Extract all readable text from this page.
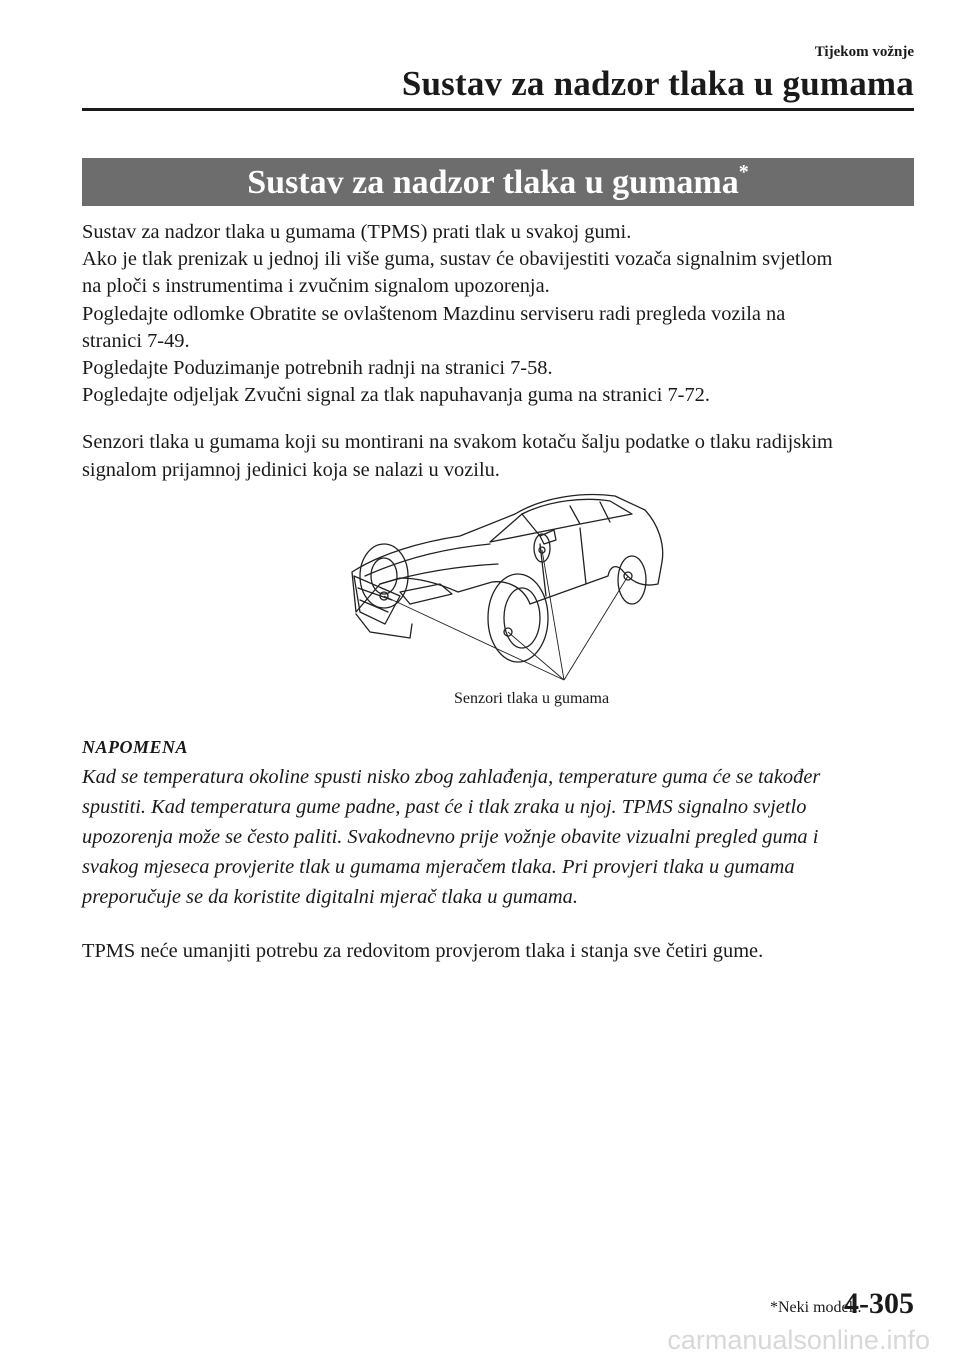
Tijekom vožnje
Sustav za nadzor tlaka u gumama
Sustav za nadzor tlaka u gumama*

Sustav za nadzor tlaka u gumama (TPMS) prati tlak u svakoj gumi.

Ako je tlak prenizak u jednoj ili više guma, sustav će obavijestiti vozača signalnim svjetlom

na ploči s instrumentima i zvučnim signalom upozorenja.

Pogledajte odlomke Obratite se ovlaštenom Mazdinu serviseru radi pregleda vozila na

stranici 7-49.

Pogledajte Poduzimanje potrebnih radnji na stranici 7-58.

Pogledajte odjeljak Zvučni signal za tlak napuhavanja guma na stranici 7-72.

Senzori tlaka u gumama koji su montirani na svakom kotaču šalju podatke o tlaku radijskim

signalom prijamnoj jedinici koja se nalazi u vozilu.

Senzori tlaka u gumama
NAPOMENA
Kad se temperatura okoline spusti nisko zbog zahlađenja, temperature guma će se također
spustiti. Kad temperatura gume padne, past će i tlak zraka u njoj. TPMS signalno svjetlo
upozorenja može se često paliti. Svakodnevno prije vožnje obavite vizualni pregled guma i
svakog mjeseca provjerite tlak u gumama mjeračem tlaka. Pri provjeri tlaka u gumama
preporučuje se da koristite digitalni mjerač tlaka u gumama.
TPMS neće umanjiti potrebu za redovitom provjerom tlaka i stanja sve četiri gume.
*Neki modeli.
4-305
carmanualsonline.info
